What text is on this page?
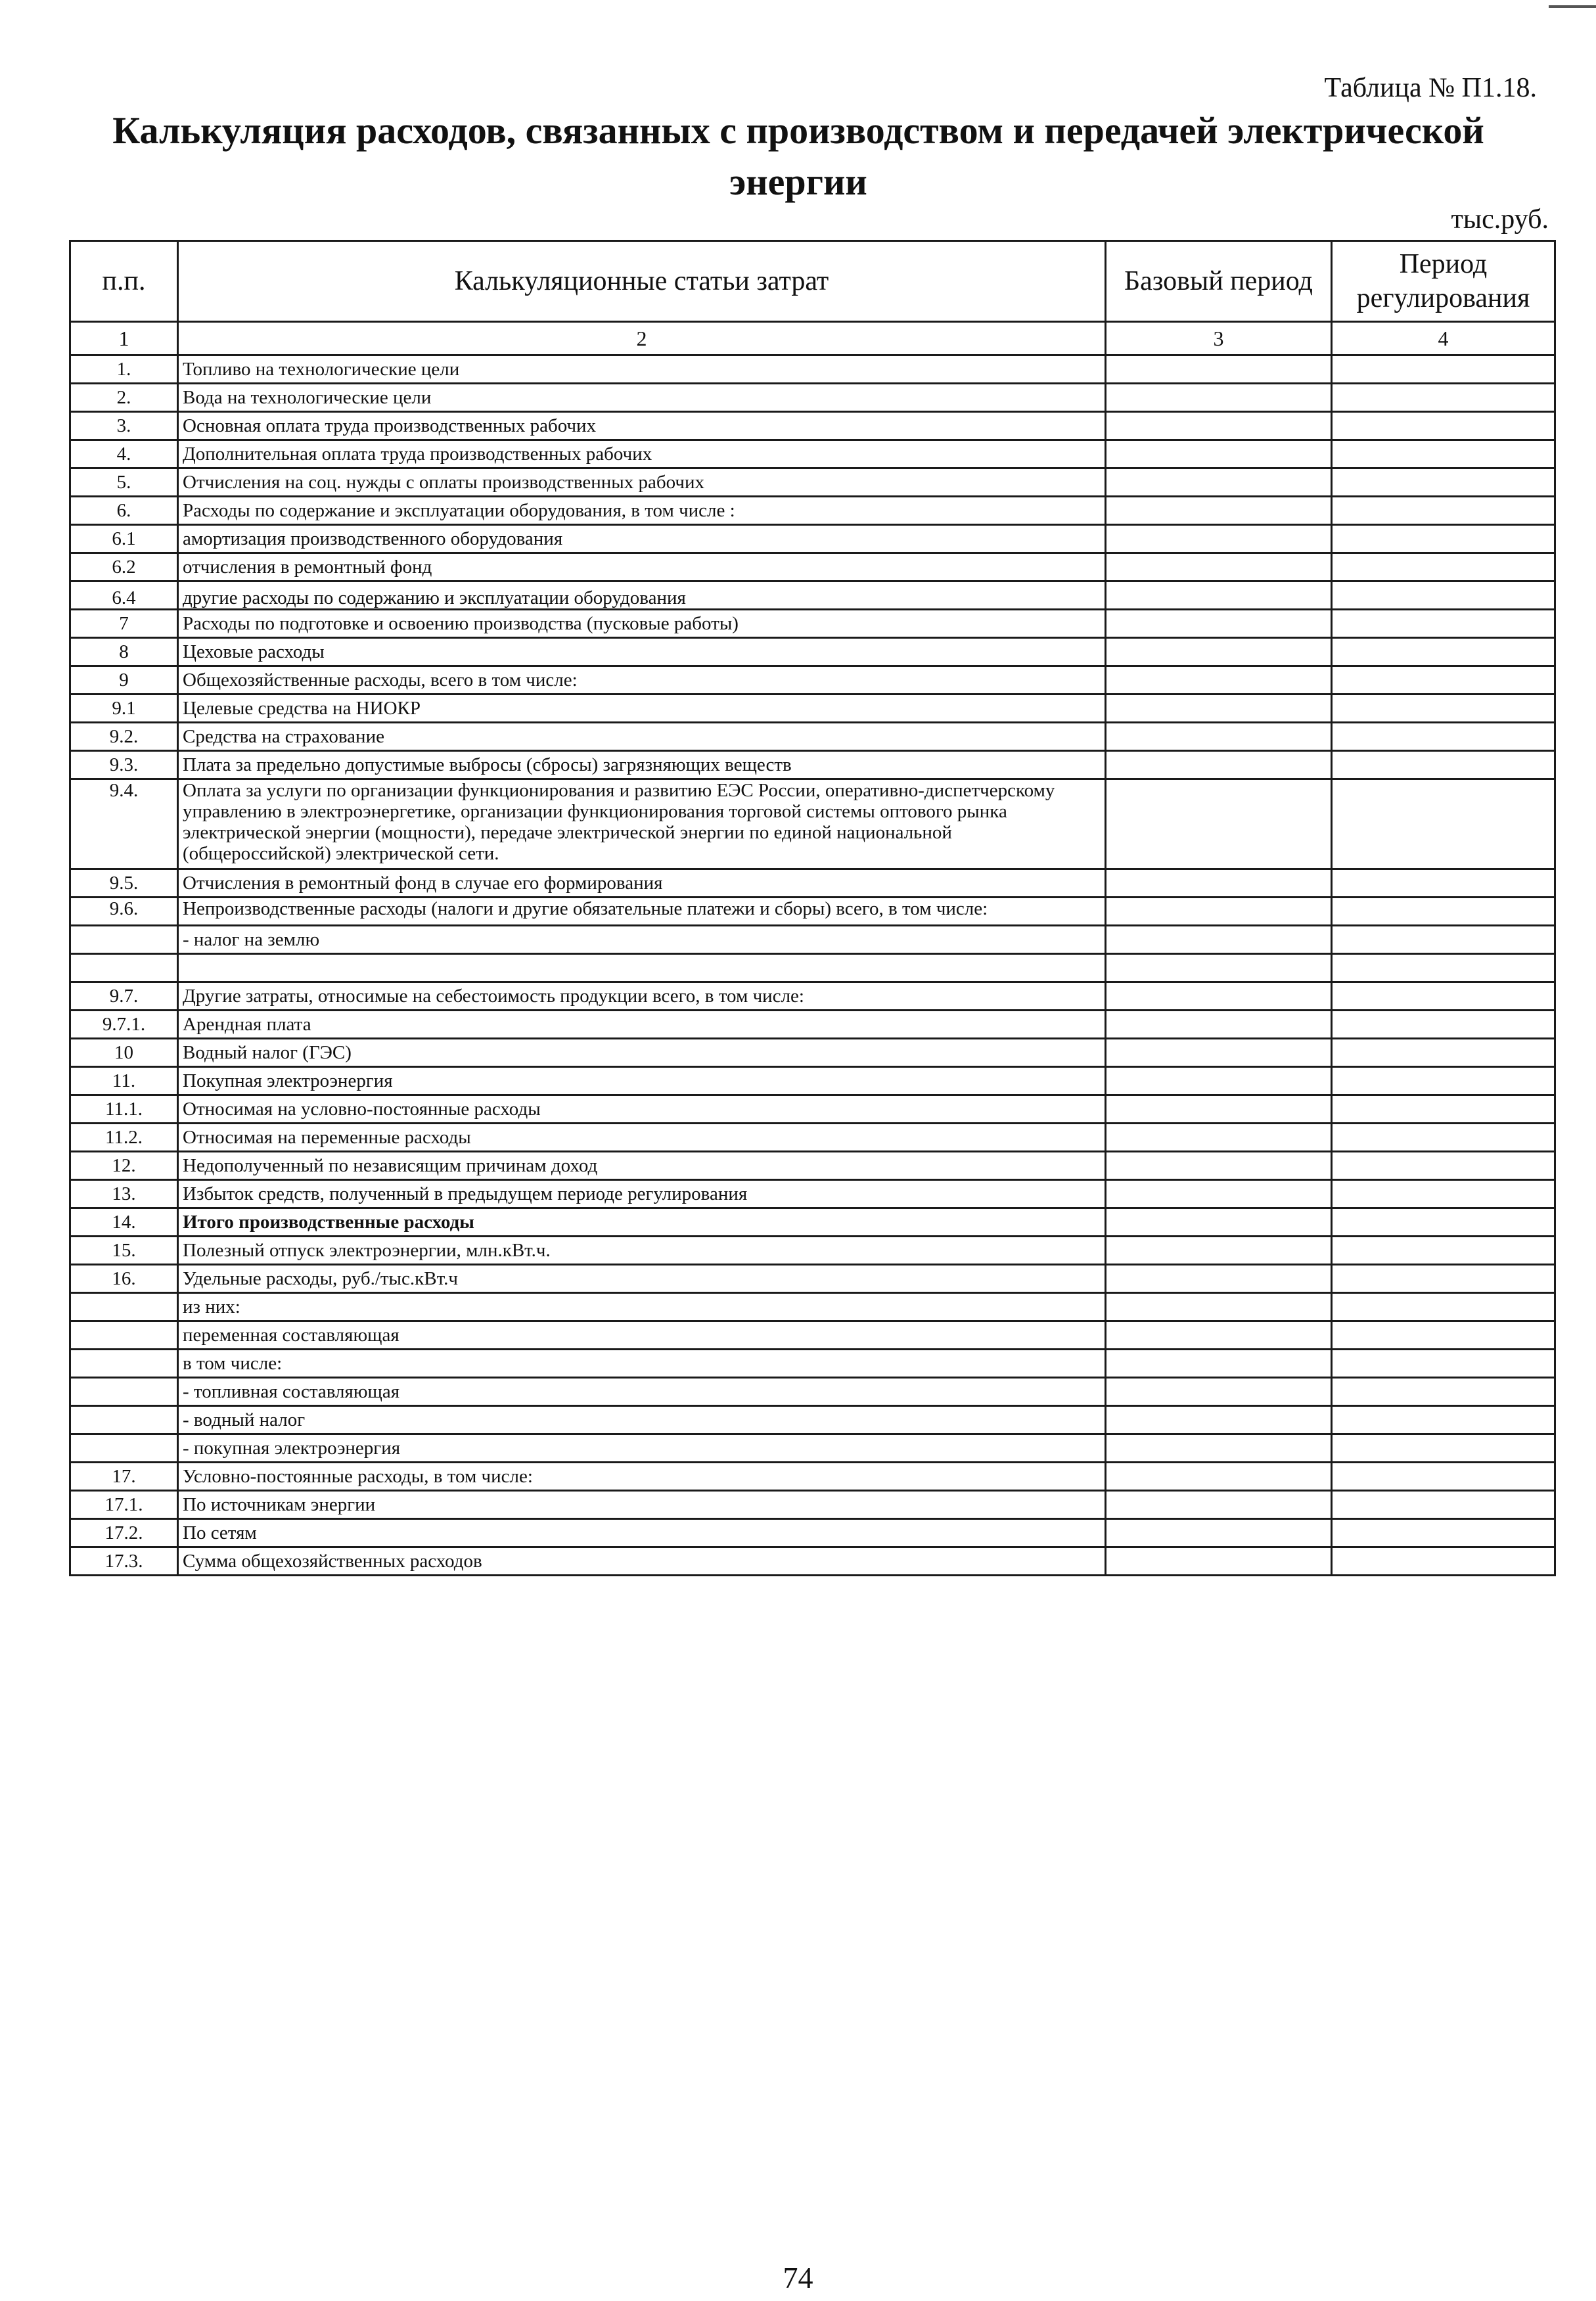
Таблица № П1.18.
Калькуляция расходов, связанных с производством и передачей электрической
энергии
тыс.руб.
п.п.	Калькуляционные статьи затрат	Базовый период	Период регулирования
1	2	3	4
1.	Топливо на технологические цели		
2.	Вода на технологические цели		
3.	Основная оплата труда производственных рабочих		
4.	Дополнительная оплата труда производственных рабочих		
5.	Отчисления на соц. нужды с оплаты производственных рабочих		
6.	Расходы по содержание и эксплуатации оборудования, в том числе :		
6.1	амортизация производственного оборудования		
6.2	отчисления в ремонтный фонд		
6.4	другие расходы по содержанию и эксплуатации оборудования		
7	Расходы по подготовке и освоению производства (пусковые работы)		
8	Цеховые расходы		
9	Общехозяйственные расходы, всего в том числе:		
9.1	Целевые средства на НИОКР		
9.2.	Средства на страхование		
9.3.	Плата за предельно допустимые выбросы (сбросы) загрязняющих веществ		
9.4.	Оплата за услуги по организации функционирования и развитию ЕЭС России, оперативно-диспетчерскому управлению в электроэнергетике, организации функционирования торговой системы оптового рынка электрической энергии (мощности), передаче электрической энергии по единой национальной (общероссийской) электрической сети.		
9.5.	Отчисления в ремонтный фонд в случае его формирования		
9.6.	Непроизводственные расходы (налоги и другие обязательные платежи и сборы) всего, в том числе:		
	- налог на землю		

9.7.	Другие затраты, относимые на себестоимость продукции всего, в том числе:		
9.7.1.	Арендная плата		
10	Водный налог (ГЭС)		
11.	Покупная электроэнергия		
11.1.	Относимая на условно-постоянные расходы		
11.2.	Относимая на переменные расходы		
12.	Недополученный по независящим причинам доход		
13.	Избыток средств, полученный в предыдущем периоде регулирования		
14.	Итого производственные расходы		
15.	Полезный отпуск электроэнергии, млн.кВт.ч.		
16.	Удельные расходы, руб./тыс.кВт.ч		
	из них:		
	переменная составляющая		
	в том числе:		
	- топливная составляющая		
	- водный налог		
	- покупная электроэнергия		
17.	Условно-постоянные расходы, в том числе:		
17.1.	По источникам энергии		
17.2.	По сетям		
17.3.	Сумма общехозяйственных расходов		
74
